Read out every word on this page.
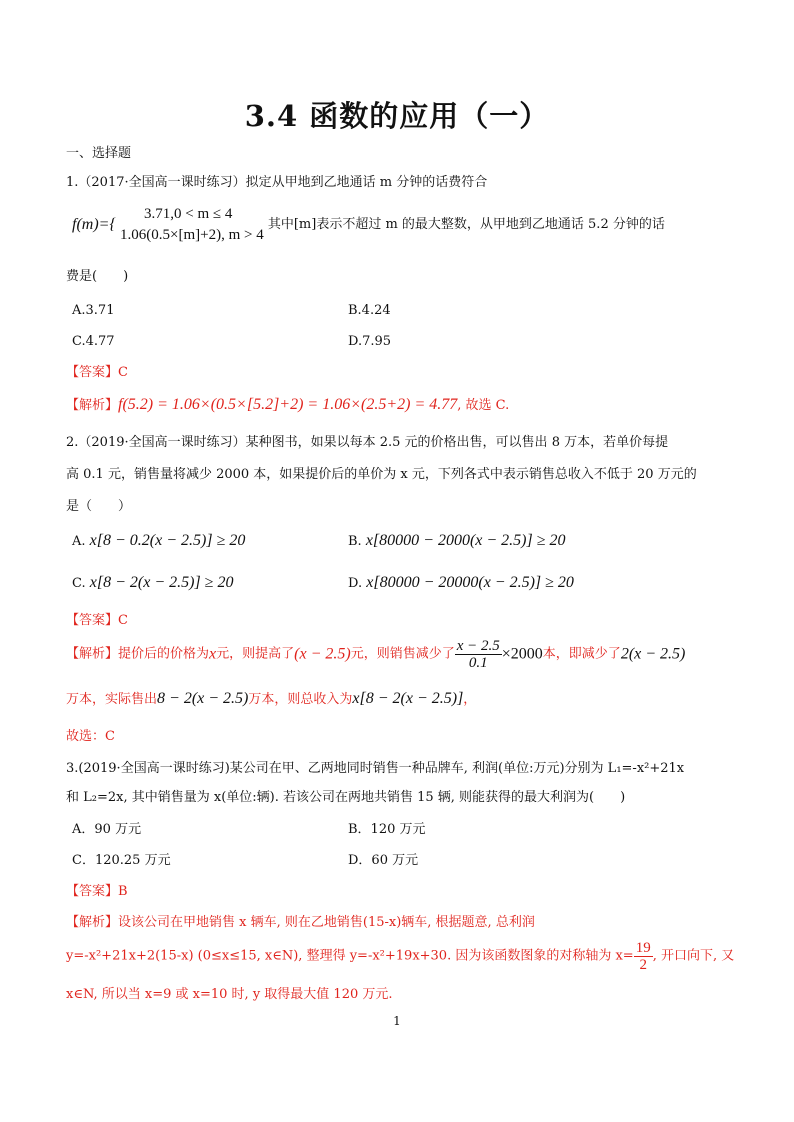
3.4 函数的应用（一）
一、选择题
1.（2017·全国高一课时练习）拟定从甲地到乙地通话 m 分钟的话费符合
f(m)={
3.71,0 < m ≤ 4
1.06(0.5×[m]+2), m > 4
其中[m]表示不超过 m 的最大整数，从甲地到乙地通话 5.2 分钟的话
费是(　　)
A.3.71	B.4.24
C.4.77	D.7.95
【答案】C
【解析】f(5.2) = 1.06×(0.5×[5.2]+2) = 1.06×(2.5+2) = 4.77, 故选 C.
2.（2019·全国高一课时练习）某种图书，如果以每本 2.5 元的价格出售，可以售出 8 万本，若单价每提
高 0.1 元，销售量将减少 2000 本，如果提价后的单价为 x 元，下列各式中表示销售总收入不低于 20 万元的
是（　　）
A. x[8 − 0.2(x − 2.5)] ≥ 20	B. x[80000 − 2000(x − 2.5)] ≥ 20
C. x[8 − 2(x − 2.5)] ≥ 20	D. x[80000 − 20000(x − 2.5)] ≥ 20
【答案】C
【解析】提价后的价格为x元，则提高了(x − 2.5)元，则销售减少了 $\frac{x - 2.5}{0.1} \times 2000$本，即减少了2(x − 2.5)
万本，实际售出8 − 2(x − 2.5)万本，则总收入为x[8 − 2(x − 2.5)]，
故选：C
3.(2019·全国高一课时练习)某公司在甲、乙两地同时销售一种品牌车, 利润(单位:万元)分别为 L₁=-x²+21x
和 L₂=2x, 其中销售量为 x(单位:辆). 若该公司在两地共销售 15 辆, 则能获得的最大利润为(　　)
A．90 万元	B．120 万元
C．120.25 万元	D．60 万元
【答案】B
【解析】设该公司在甲地销售 x 辆车, 则在乙地销售(15-x)辆车, 根据题意, 总利润
y=-x²+21x+2(15-x) (0≤x≤15, x∈N), 整理得 y=-x²+19x+30. 因为该函数图象的对称轴为 $x= \frac{19}{2}$ , 开口向下, 又
x∈N, 所以当 x=9 或 x=10 时, y 取得最大值 120 万元.
1
